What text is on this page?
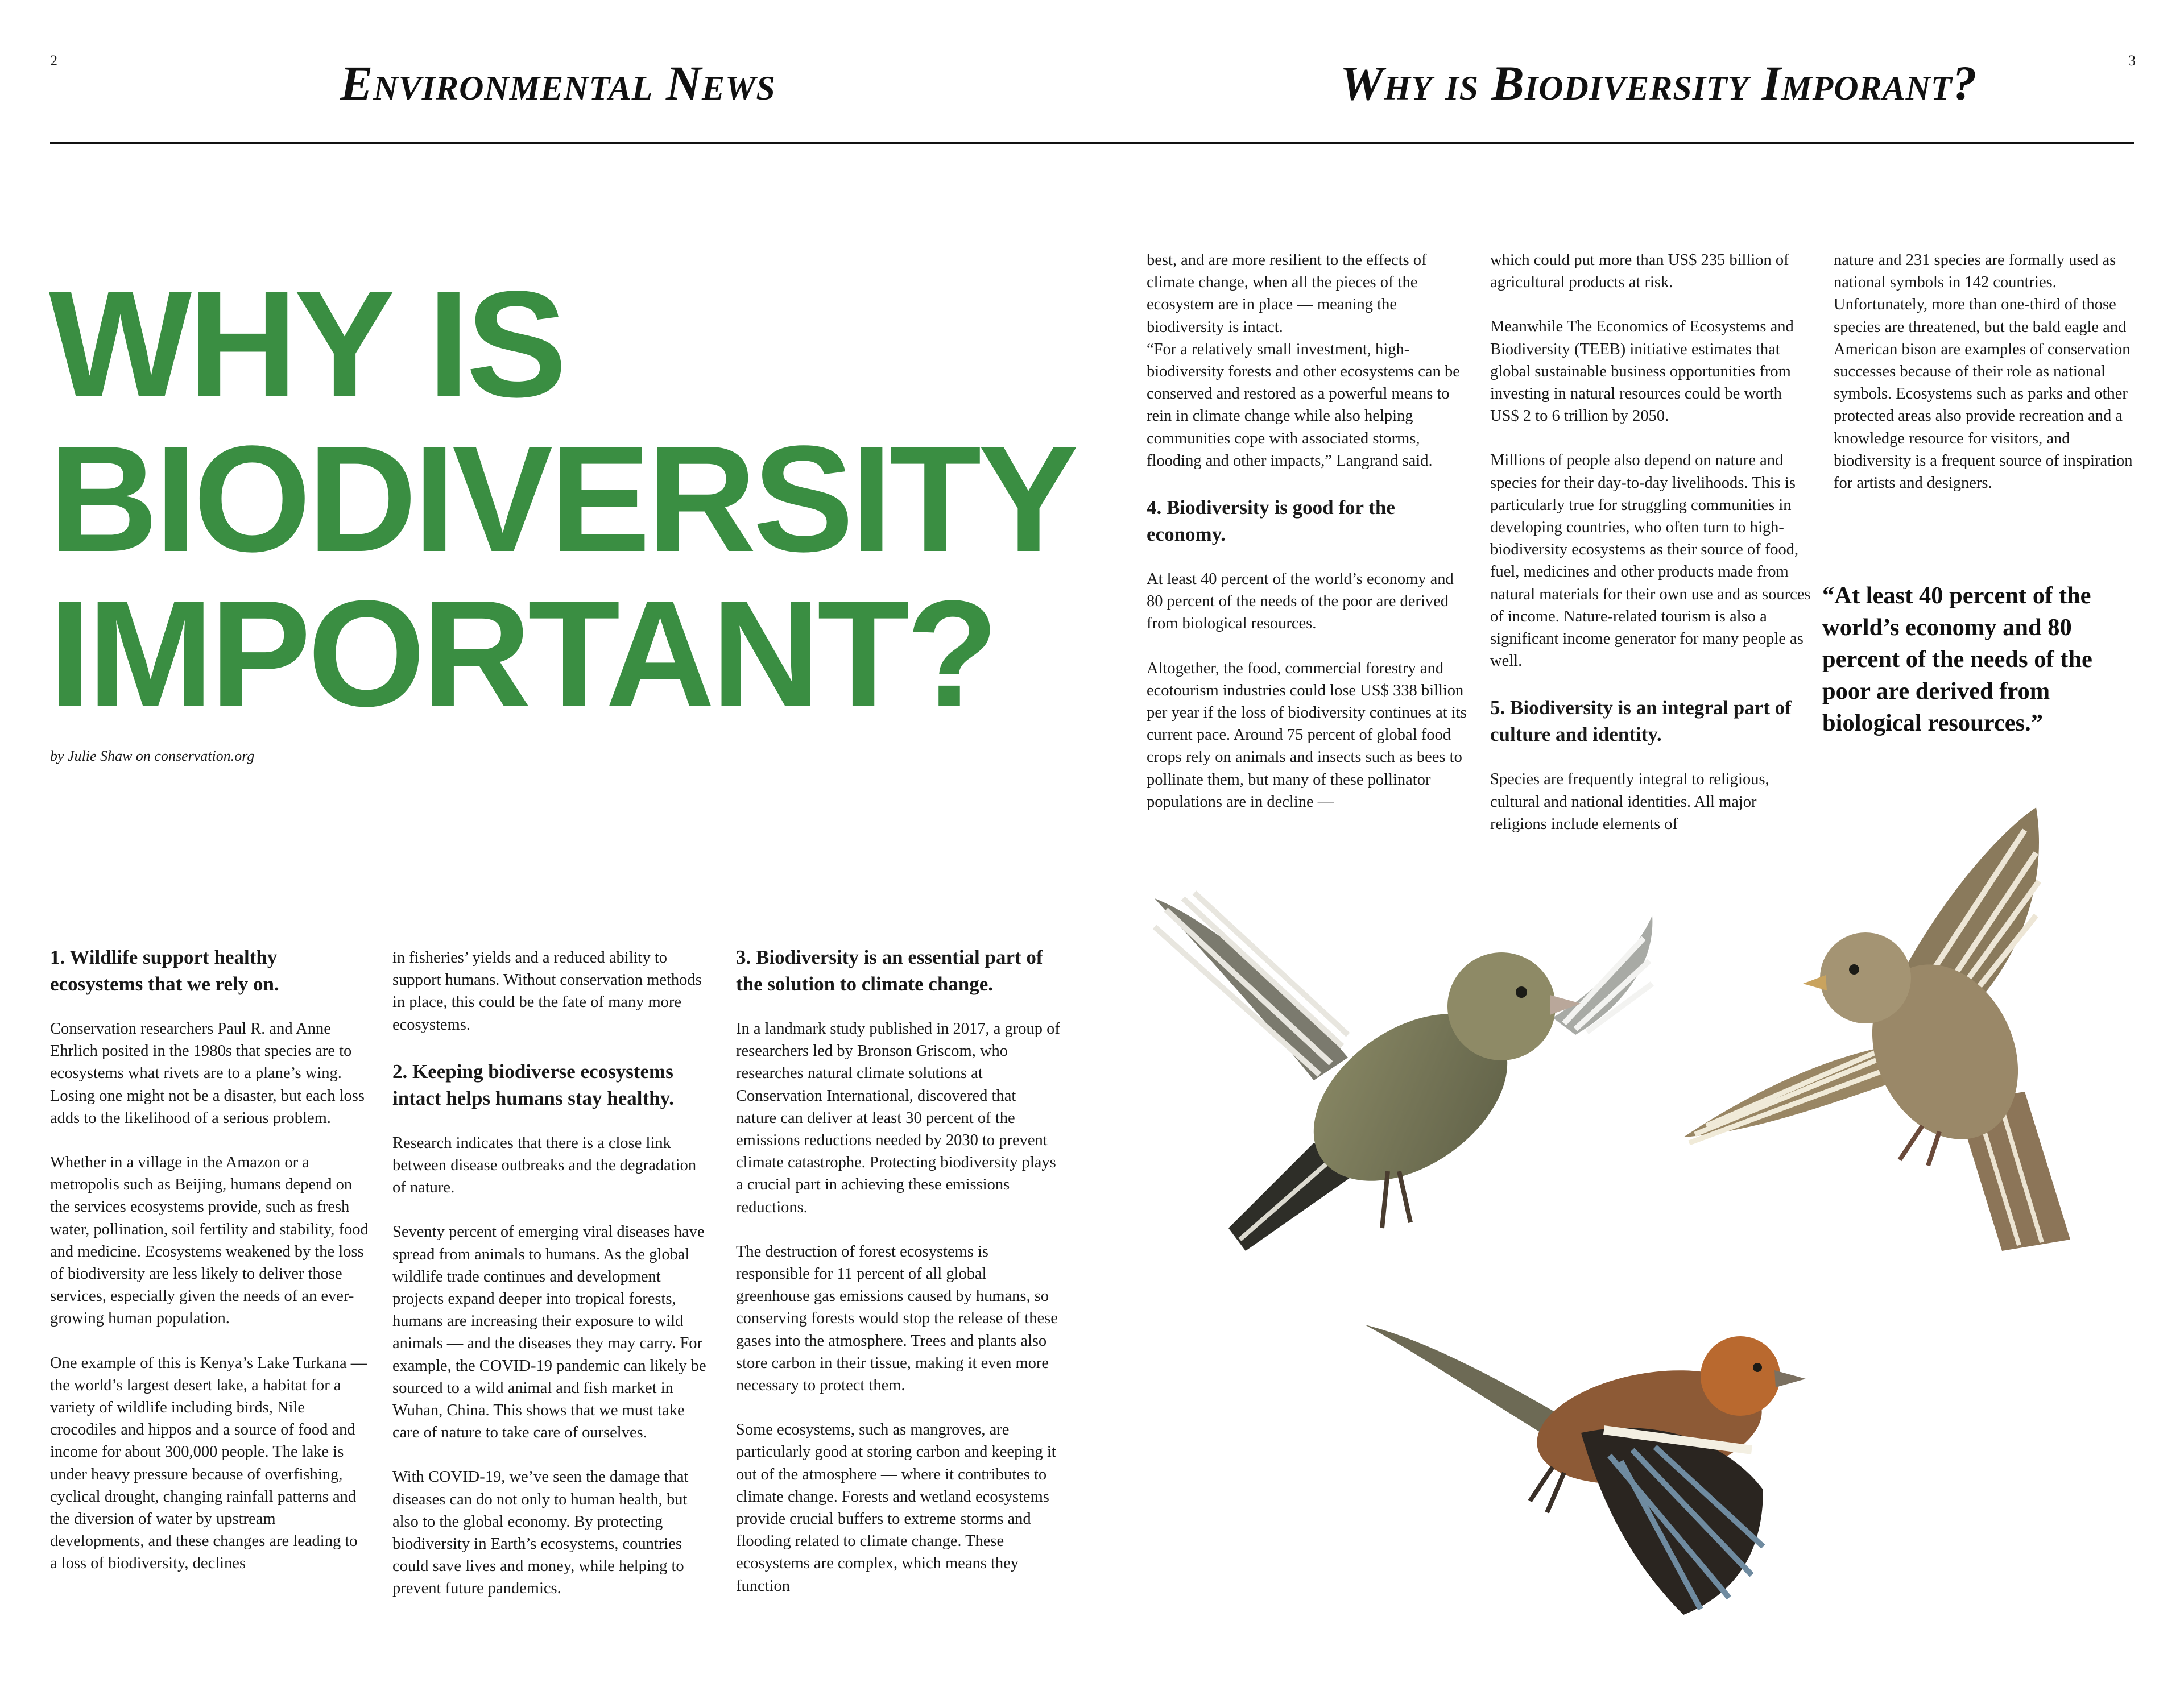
2	3
Environmental News	Why is Biodiversity Imporant?
WHY IS
BIODIVERSITY
IMPORTANT?
by Julie Shaw on conservation.org
1. Wildlife support healthy ecosystems that we rely on.

Conservation researchers Paul R. and Anne Ehrlich posited in the 1980s that species are to ecosystems what rivets are to a plane’s wing. Losing one might not be a disaster, but each loss adds to the likelihood of a serious problem.

Whether in a village in the Amazon or a metropolis such as Beijing, humans depend on the services ecosystems provide, such as fresh water, pollination, soil fertility and stability, food and medicine. Ecosystems weakened by the loss of biodiversity are less likely to deliver those services, especially given the needs of an ever-growing human population.

One example of this is Kenya’s Lake Turkana — the world’s largest desert lake, a habitat for a variety of wildlife including birds, Nile crocodiles and hippos and a source of food and income for about 300,000 people. The lake is under heavy pressure because of overfishing, cyclical drought, changing rainfall patterns and the diversion of water by upstream developments, and these changes are leading to a loss of biodiversity, declines

in fisheries’ yields and a reduced ability to support humans. Without conservation methods in place, this could be the fate of many more ecosystems.

2. Keeping biodiverse ecosystems intact helps humans stay healthy.

Research indicates that there is a close link between disease outbreaks and the degradation of nature.

Seventy percent of emerging viral diseases have spread from animals to humans. As the global wildlife trade continues and development projects expand deeper into tropical forests, humans are increasing their exposure to wild animals — and the diseases they may carry. For example, the COVID-19 pandemic can likely be sourced to a wild animal and fish market in Wuhan, China. This shows that we must take care of nature to take care of ourselves.

With COVID-19, we’ve seen the damage that diseases can do not only to human health, but also to the global economy. By protecting biodiversity in Earth’s ecosystems, countries could save lives and money, while helping to prevent future pandemics.

3. Biodiversity is an essential part of the solution to climate change.

In a landmark study published in 2017, a group of researchers led by Bronson Griscom, who researches natural climate solutions at Conservation International, discovered that nature can deliver at least 30 percent of the emissions reductions needed by 2030 to prevent climate catastrophe. Protecting biodiversity plays a crucial part in achieving these emissions reductions.

The destruction of forest ecosystems is responsible for 11 percent of all global greenhouse gas emissions caused by humans, so conserving forests would stop the release of these gases into the atmosphere. Trees and plants also store carbon in their tissue, making it even more necessary to protect them.

Some ecosystems, such as mangroves, are particularly good at storing carbon and keeping it out of the atmosphere — where it contributes to climate change. Forests and wetland ecosystems provide crucial buffers to extreme storms and flooding related to climate change. These ecosystems are complex, which means they function

best, and are more resilient to the effects of climate change, when all the pieces of the ecosystem are in place — meaning the biodiversity is intact.

“For a relatively small investment, high-biodiversity forests and other ecosystems can be conserved and restored as a powerful means to rein in climate change while also helping communities cope with associated storms, flooding and other impacts,” Langrand said.

4. Biodiversity is good for the economy.

At least 40 percent of the world’s economy and 80 percent of the needs of the poor are derived from biological resources.

Altogether, the food, commercial forestry and ecotourism industries could lose US$ 338 billion per year if the loss of biodiversity continues at its current pace. Around 75 percent of global food crops rely on animals and insects such as bees to pollinate them, but many of these pollinator populations are in decline —

which could put more than US$ 235 billion of agricultural products at risk.

Meanwhile The Economics of Ecosystems and Biodiversity (TEEB) initiative estimates that global sustainable business opportunities from investing in natural resources could be worth US$ 2 to 6 trillion by 2050.

Millions of people also depend on nature and species for their day-to-day livelihoods. This is particularly true for struggling communities in developing countries, who often turn to high-biodiversity ecosystems as their source of food, fuel, medicines and other products made from natural materials for their own use and as sources of income. Nature-related tourism is also a significant income generator for many people as well.

5. Biodiversity is an integral part of culture and identity.

Species are frequently integral to religious, cultural and national identities. All major religions include elements of

nature and 231 species are formally used as national symbols in 142 countries. Unfortunately, more than one-third of those species are threatened, but the bald eagle and American bison are examples of conservation successes because of their role as national symbols. Ecosystems such as parks and other protected areas also provide recreation and a knowledge resource for visitors, and biodiversity is a frequent source of inspiration for artists and designers.

“At least 40 percent of the world’s economy and 80 percent of the needs of the poor are derived from biological resources.”
